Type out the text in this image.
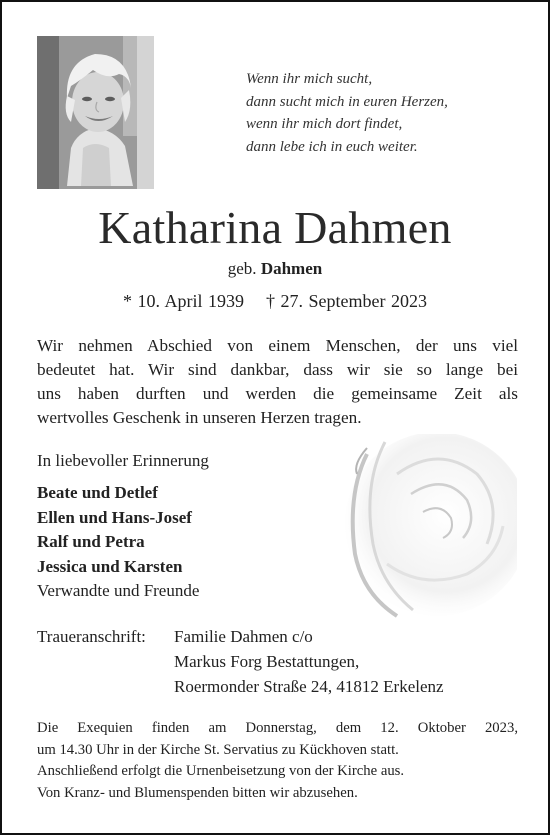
Wenn ihr mich sucht,
dann sucht mich in euren Herzen,
wenn ihr mich dort findet,
dann lebe ich in euch weiter.
Katharina Dahmen
geb. Dahmen
* 10. April 1939 † 27. September 2023
Wir nehmen Abschied von einem Menschen, der uns viel
bedeutet hat. Wir sind dankbar, dass wir sie so lange bei
uns haben durften und werden die gemeinsame Zeit als
wertvolles Geschenk in unseren Herzen tragen.
In liebevoller Erinnerung
Beate und Detlef
Ellen und Hans-Josef
Ralf und Petra
Jessica und Karsten
Verwandte und Freunde
Traueranschrift: Familie Dahmen c/o
Markus Forg Bestattungen,
Roermonder Straße 24, 41812 Erkelenz
Die Exequien finden am Donnerstag, dem 12. Oktober 2023,
um 14.30 Uhr in der Kirche St. Servatius zu Kückhoven statt.
Anschließend erfolgt die Urnenbeisetzung von der Kirche aus.
Von Kranz- und Blumenspenden bitten wir abzusehen.
